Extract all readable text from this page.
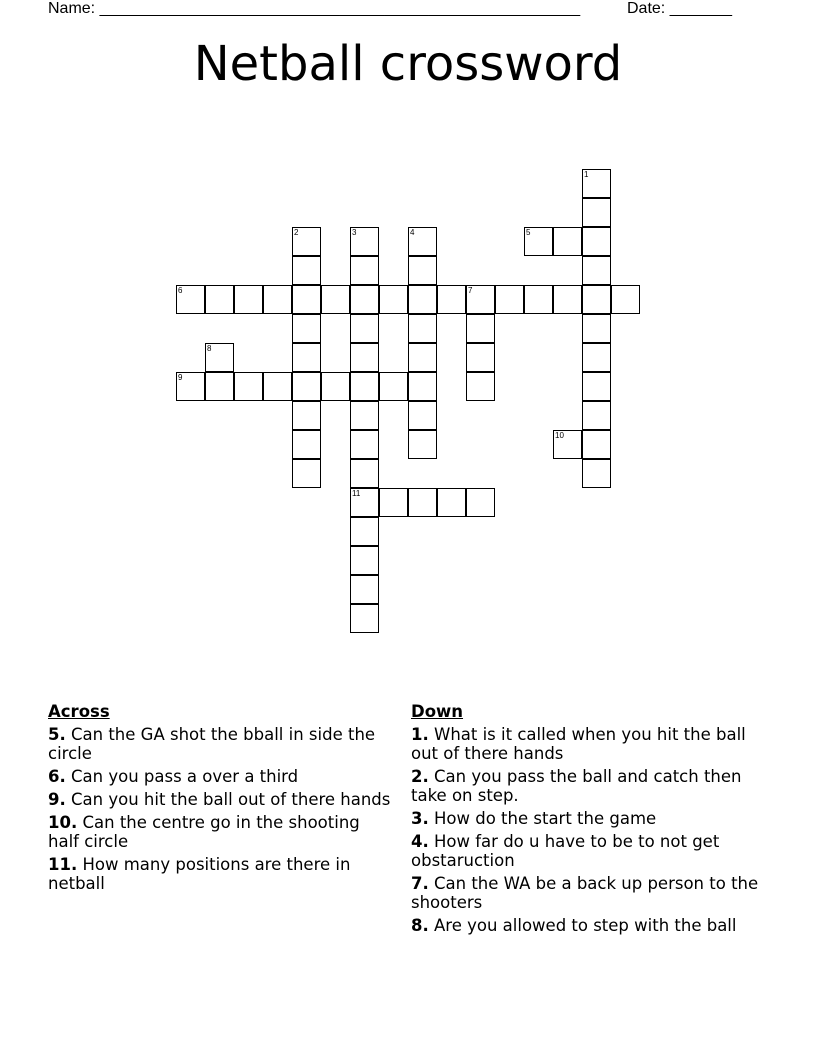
Name: ______________________________________________________	Date: _______
Netball crossword
1
2	3	4	5
6	7
8
9
10
11
Across
5. Can the GA shot the bball in side the circle
6. Can you pass a over a third
9. Can you hit the ball out of there hands
10. Can the centre go in the shooting half circle
11. How many positions are there in netball
Down
1. What is it called when you hit the ball out of there hands
2. Can you pass the ball and catch then take on step.
3. How do the start the game
4. How far do u have to be to not get obstaruction
7. Can the WA be a back up person to the shooters
8. Are you allowed to step with the ball
